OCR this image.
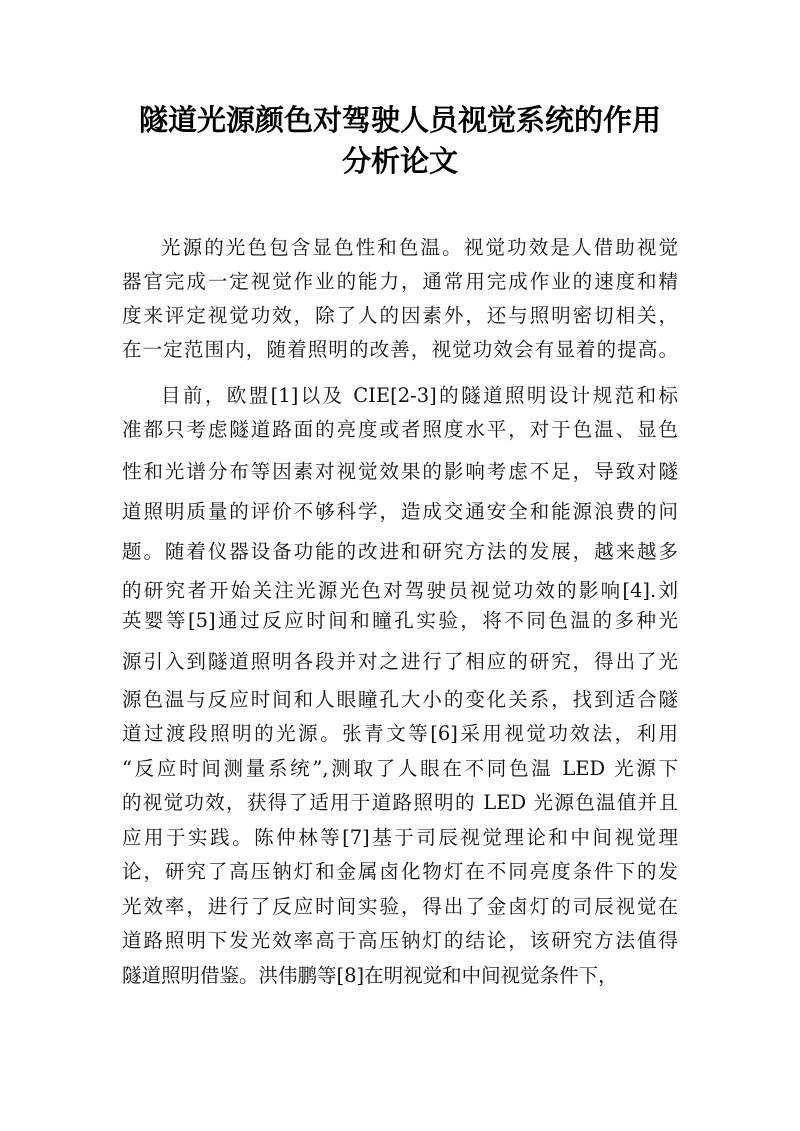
隧道光源颜色对驾驶人员视觉系统的作用
分析论文
光源的光色包含显色性和色温。视觉功效是人借助视觉
器官完成一定视觉作业的能力，通常用完成作业的速度和精
度来评定视觉功效，除了人的因素外，还与照明密切相关，
在一定范围内，随着照明的改善，视觉功效会有显着的提高。
目前，欧盟[1]以及 CIE[2-3]的隧道照明设计规范和标
准都只考虑隧道路面的亮度或者照度水平，对于色温、显色
性和光谱分布等因素对视觉效果的影响考虑不足，导致对隧
道照明质量的评价不够科学，造成交通安全和能源浪费的问
题。随着仪器设备功能的改进和研究方法的发展，越来越多
的研究者开始关注光源光色对驾驶员视觉功效的影响[4].刘
英婴等[5]通过反应时间和瞳孔实验，将不同色温的多种光
源引入到隧道照明各段并对之进行了相应的研究，得出了光
源色温与反应时间和人眼瞳孔大小的变化关系，找到适合隧
道过渡段照明的光源。张青文等[6]采用视觉功效法，利用
“反应时间测量系统”,测取了人眼在不同色温 LED 光源下
的视觉功效，获得了适用于道路照明的 LED 光源色温值并且
应用于实践。陈仲林等[7]基于司辰视觉理论和中间视觉理
论，研究了高压钠灯和金属卤化物灯在不同亮度条件下的发
光效率，进行了反应时间实验，得出了金卤灯的司辰视觉在
道路照明下发光效率高于高压钠灯的结论，该研究方法值得
隧道照明借鉴。洪伟鹏等[8]在明视觉和中间视觉条件下，
